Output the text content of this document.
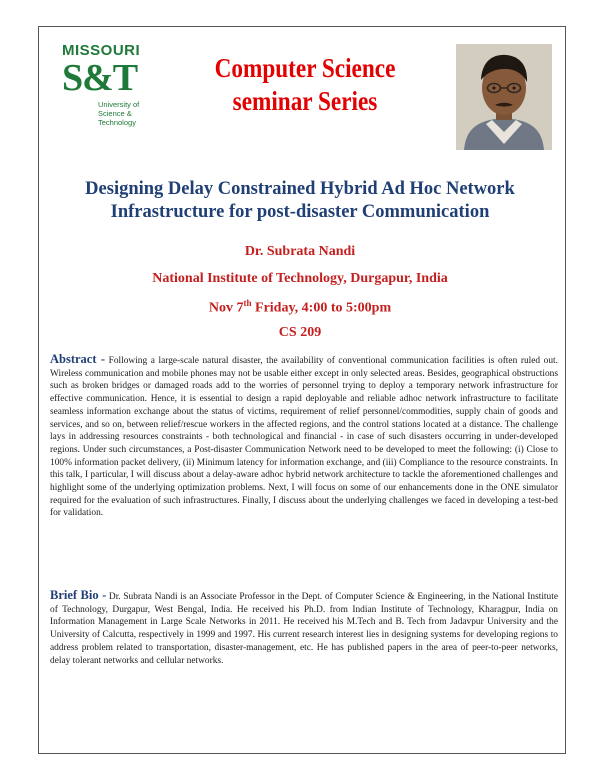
MISSOURI
S&T
University of
Science & Technology
Computer Science
seminar Series
Designing Delay Constrained Hybrid Ad Hoc Network
Infrastructure for post-disaster Communication
Dr. Subrata Nandi
National Institute of Technology, Durgapur, India
Nov 7th Friday, 4:00 to 5:00pm
CS 209

Abstract - Following a large-scale natural disaster, the availability of conventional communication facilities is often ruled out. Wireless communication and mobile phones may not be usable either except in only selected areas. Besides, geographical obstructions such as broken bridges or damaged roads add to the worries of personnel trying to deploy a temporary network infrastructure for effective communication. Hence, it is essential to design a rapid deployable and reliable adhoc network infrastructure to facilitate seamless information exchange about the status of victims, requirement of relief personnel/commodities, supply chain of goods and services, and so on, between relief/rescue workers in the affected regions, and the control stations located at a distance. The challenge lays in addressing resources constraints - both technological and financial - in case of such disasters occurring in under-developed regions. Under such circumstances, a Post-disaster Communication Network need to be developed to meet the following: (i) Close to 100% information packet delivery, (ii) Minimum latency for information exchange, and (iii) Compliance to the resource constraints. In this talk, I particular, I will discuss about a delay-aware adhoc hybrid network architecture to tackle the aforementioned challenges and highlight some of the underlying optimization problems. Next, I will focus on some of our enhancements done in the ONE simulator required for the evaluation of such infrastructures. Finally, I discuss about the underlying challenges we faced in developing a test-bed for validation.

Brief Bio - Dr. Subrata Nandi is an Associate Professor in the Dept. of Computer Science & Engineering, in the National Institute of Technology, Durgapur, West Bengal, India. He received his Ph.D. from Indian Institute of Technology, Kharagpur, India on Information Management in Large Scale Networks in 2011. He received his M.Tech and B. Tech from Jadavpur University and the University of Calcutta, respectively in 1999 and 1997. His current research interest lies in designing systems for developing regions to address problem related to transportation, disaster-management, etc. He has published papers in the area of peer-to-peer networks, delay tolerant networks and cellular networks.
